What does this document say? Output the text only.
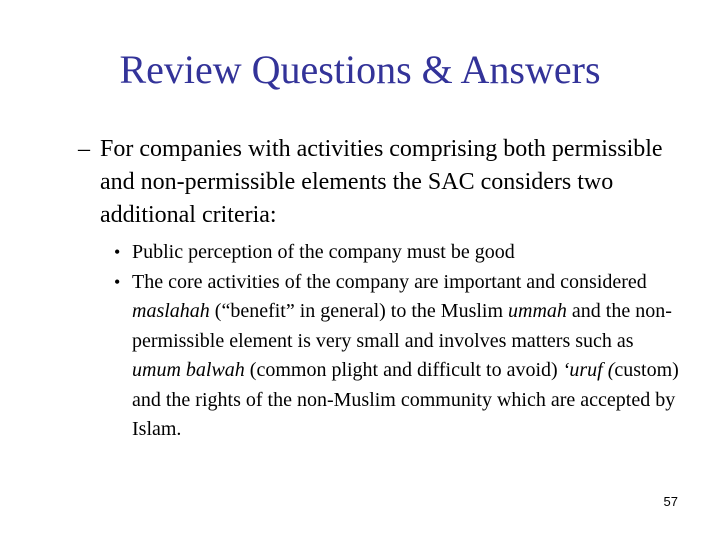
Review Questions & Answers
– For companies with activities comprising both permissible and non-permissible elements the SAC considers two additional criteria:
• Public perception of the company must be good
• The core activities of the company are important and considered maslahah (“benefit” in general) to the Muslim ummah and the non-permissible element is very small and involves matters such as umum balwah (common plight and difficult to avoid) ‘uruf (custom) and the rights of the non-Muslim community which are accepted by Islam.
57
